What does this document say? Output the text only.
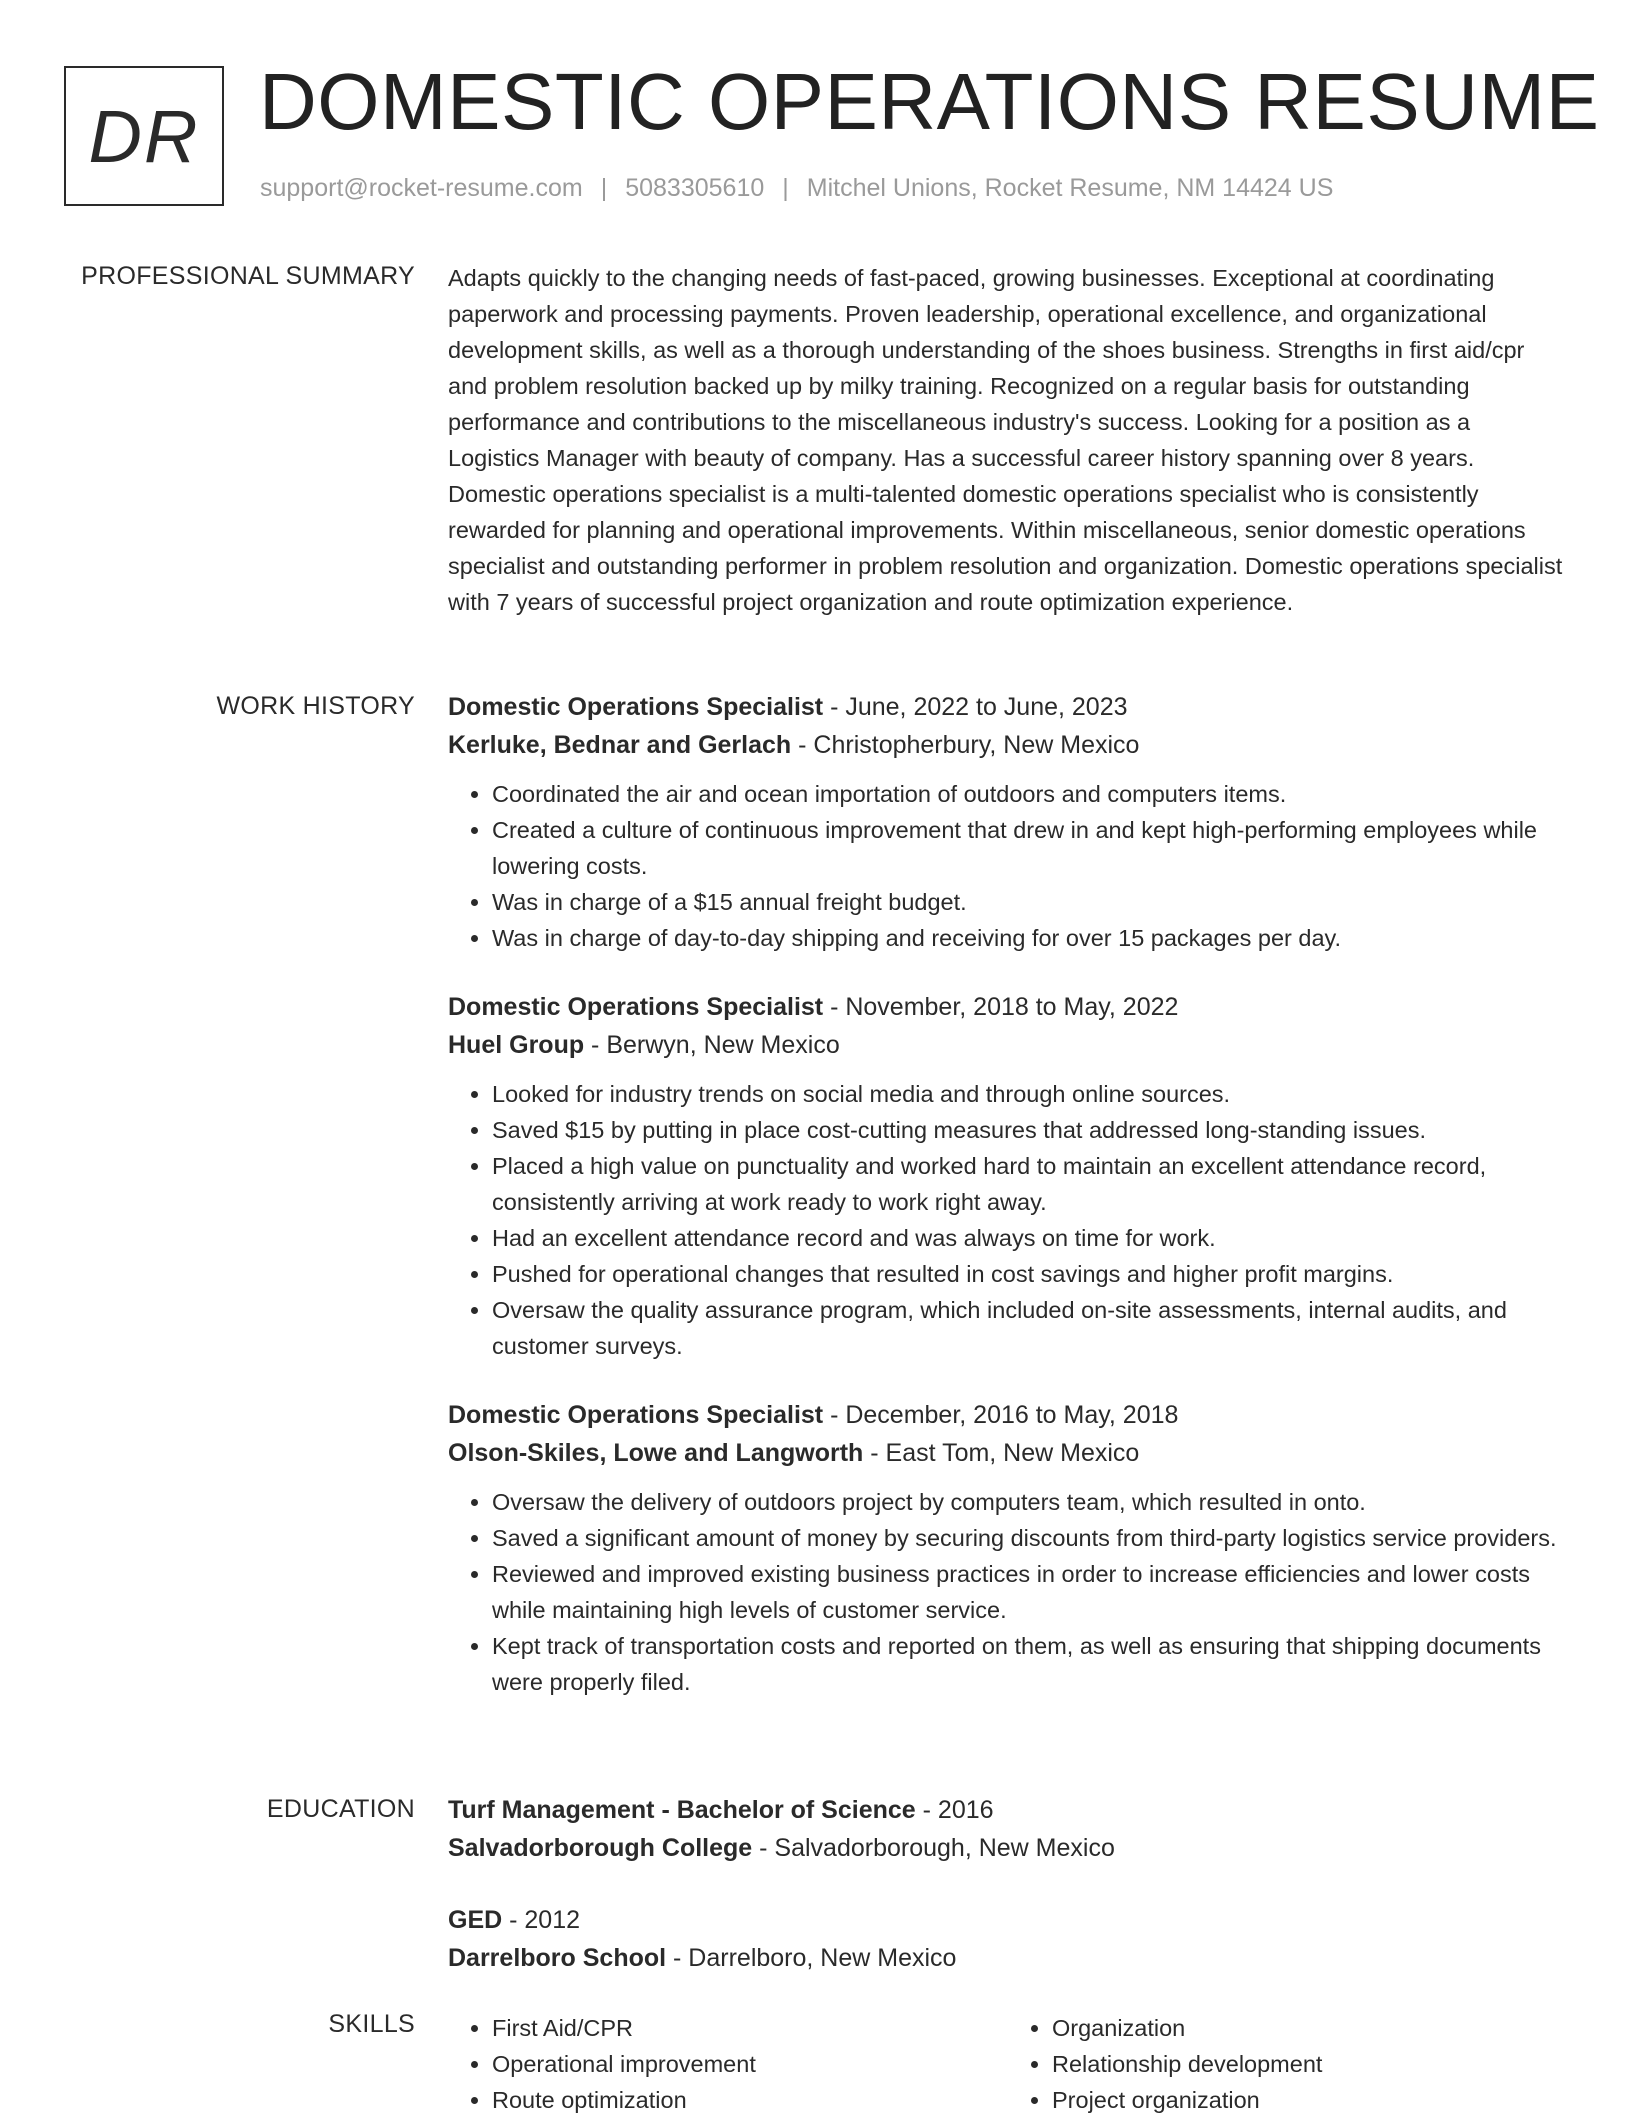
DR DOMESTIC OPERATIONS RESUME
support@rocket-resume.com | 5083305610 | Mitchel Unions, Rocket Resume, NM 14424 US
PROFESSIONAL SUMMARY Adapts quickly to the changing needs of fast-paced, growing businesses. Exceptional at coordinating paperwork and processing payments. Proven leadership, operational excellence, and organizational development skills, as well as a thorough understanding of the shoes business. Strengths in first aid/cpr and problem resolution backed up by milky training. Recognized on a regular basis for outstanding performance and contributions to the miscellaneous industry's success. Looking for a position as a Logistics Manager with beauty of company. Has a successful career history spanning over 8 years. Domestic operations specialist is a multi-talented domestic operations specialist who is consistently rewarded for planning and operational improvements. Within miscellaneous, senior domestic operations specialist and outstanding performer in problem resolution and organization. Domestic operations specialist with 7 years of successful project organization and route optimization experience.

WORK HISTORY Domestic Operations Specialist - June, 2022 to June, 2023
Kerluke, Bednar and Gerlach - Christopherbury, New Mexico
• Coordinated the air and ocean importation of outdoors and computers items.
• Created a culture of continuous improvement that drew in and kept high-performing employees while lowering costs.
• Was in charge of a $15 annual freight budget.
• Was in charge of day-to-day shipping and receiving for over 15 packages per day.
Domestic Operations Specialist - November, 2018 to May, 2022
Huel Group - Berwyn, New Mexico
• Looked for industry trends on social media and through online sources.
• Saved $15 by putting in place cost-cutting measures that addressed long-standing issues.
• Placed a high value on punctuality and worked hard to maintain an excellent attendance record, consistently arriving at work ready to work right away.
• Had an excellent attendance record and was always on time for work.
• Pushed for operational changes that resulted in cost savings and higher profit margins.
• Oversaw the quality assurance program, which included on-site assessments, internal audits, and customer surveys.
Domestic Operations Specialist - December, 2016 to May, 2018
Olson-Skiles, Lowe and Langworth - East Tom, New Mexico
• Oversaw the delivery of outdoors project by computers team, which resulted in onto.
• Saved a significant amount of money by securing discounts from third-party logistics service providers.
• Reviewed and improved existing business practices in order to increase efficiencies and lower costs while maintaining high levels of customer service.
• Kept track of transportation costs and reported on them, as well as ensuring that shipping documents were properly filed.
EDUCATION Turf Management - Bachelor of Science - 2016
Salvadorborough College - Salvadorborough, New Mexico
GED - 2012
Darrelboro School - Darrelboro, New Mexico
SKILLS
•	First Aid/CPR
• Operational improvement
• Route optimization
• Organization
• Relationship development
• Project organization
